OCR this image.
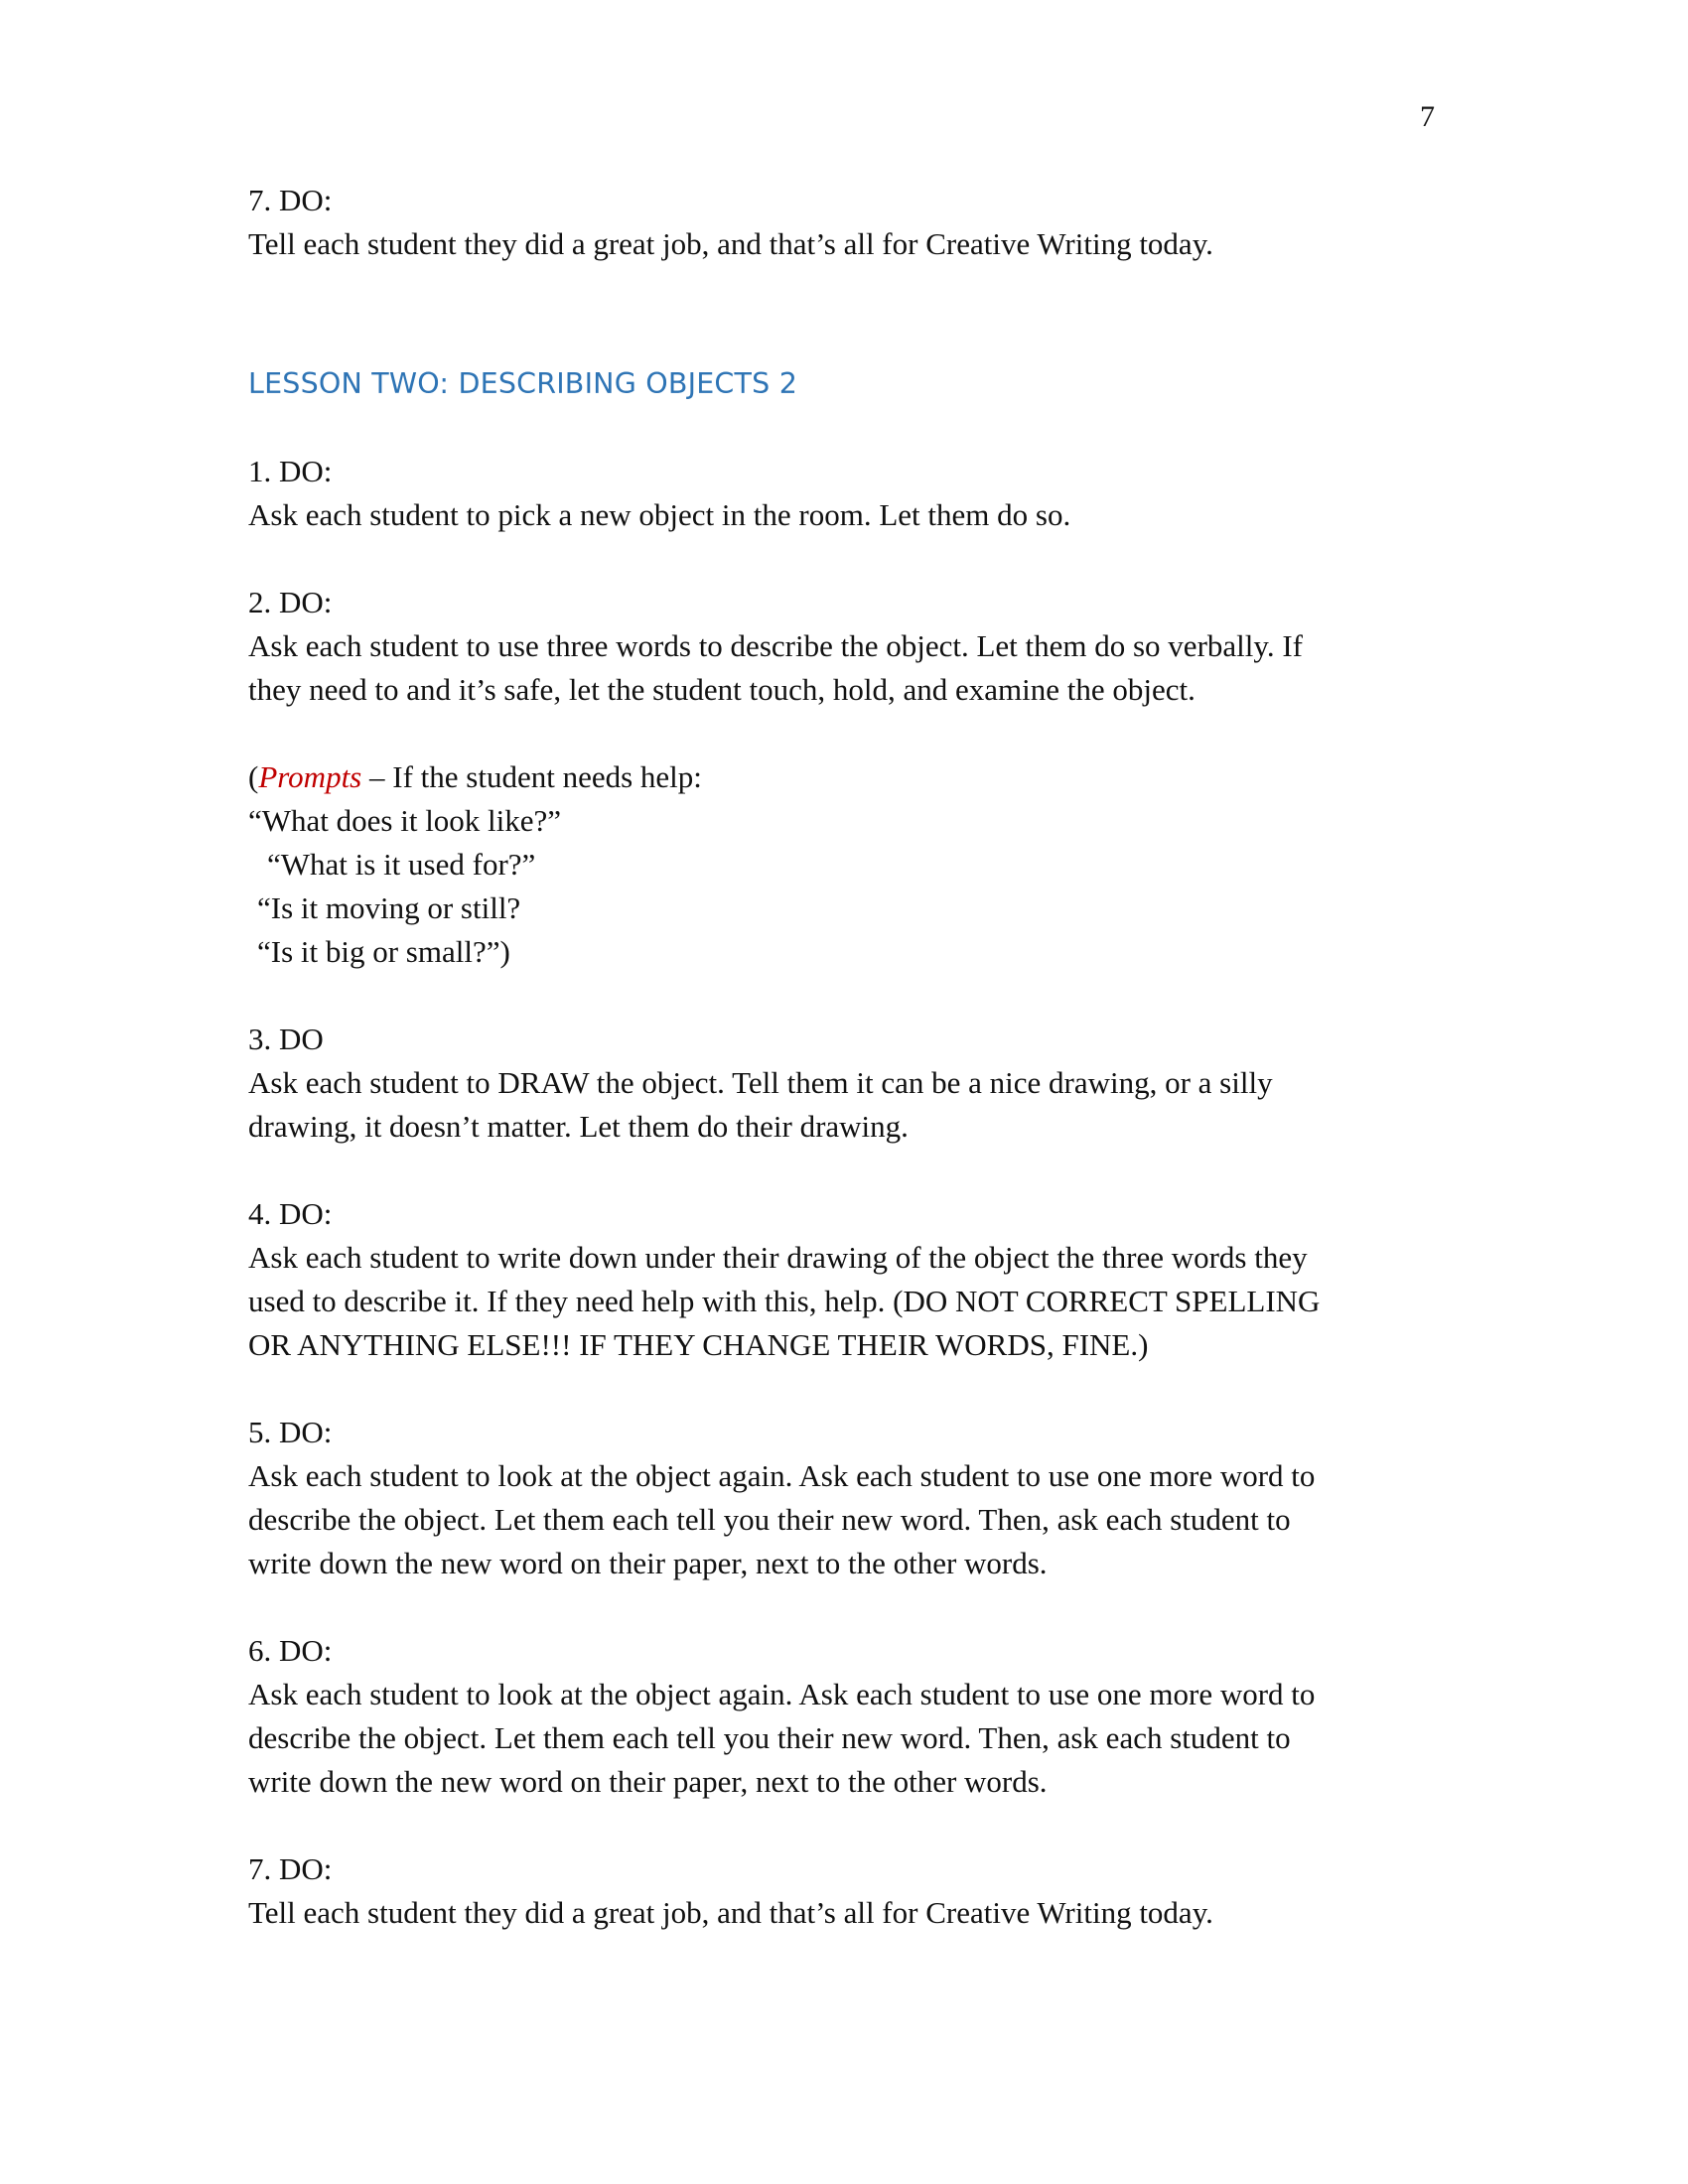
7
7. DO:
Tell each student they did a great job, and that’s all for Creative Writing today.
LESSON TWO: DESCRIBING OBJECTS 2
1. DO:
Ask each student to pick a new object in the room. Let them do so.
2. DO:
Ask each student to use three words to describe the object. Let them do so verbally. If
they need to and it’s safe, let the student touch, hold, and examine the object.
(Prompts – If the student needs help:
“What does it look like?”
“What is it used for?”
“Is it moving or still?
“Is it big or small?”)
3. DO
Ask each student to DRAW the object. Tell them it can be a nice drawing, or a silly
drawing, it doesn’t matter. Let them do their drawing.
4. DO:
Ask each student to write down under their drawing of the object the three words they
used to describe it. If they need help with this, help. (DO NOT CORRECT SPELLING
OR ANYTHING ELSE!!! IF THEY CHANGE THEIR WORDS, FINE.)
5. DO:
Ask each student to look at the object again. Ask each student to use one more word to
describe the object. Let them each tell you their new word. Then, ask each student to
write down the new word on their paper, next to the other words.
6. DO:
Ask each student to look at the object again. Ask each student to use one more word to
describe the object. Let them each tell you their new word. Then, ask each student to
write down the new word on their paper, next to the other words.
7. DO:
Tell each student they did a great job, and that’s all for Creative Writing today.
